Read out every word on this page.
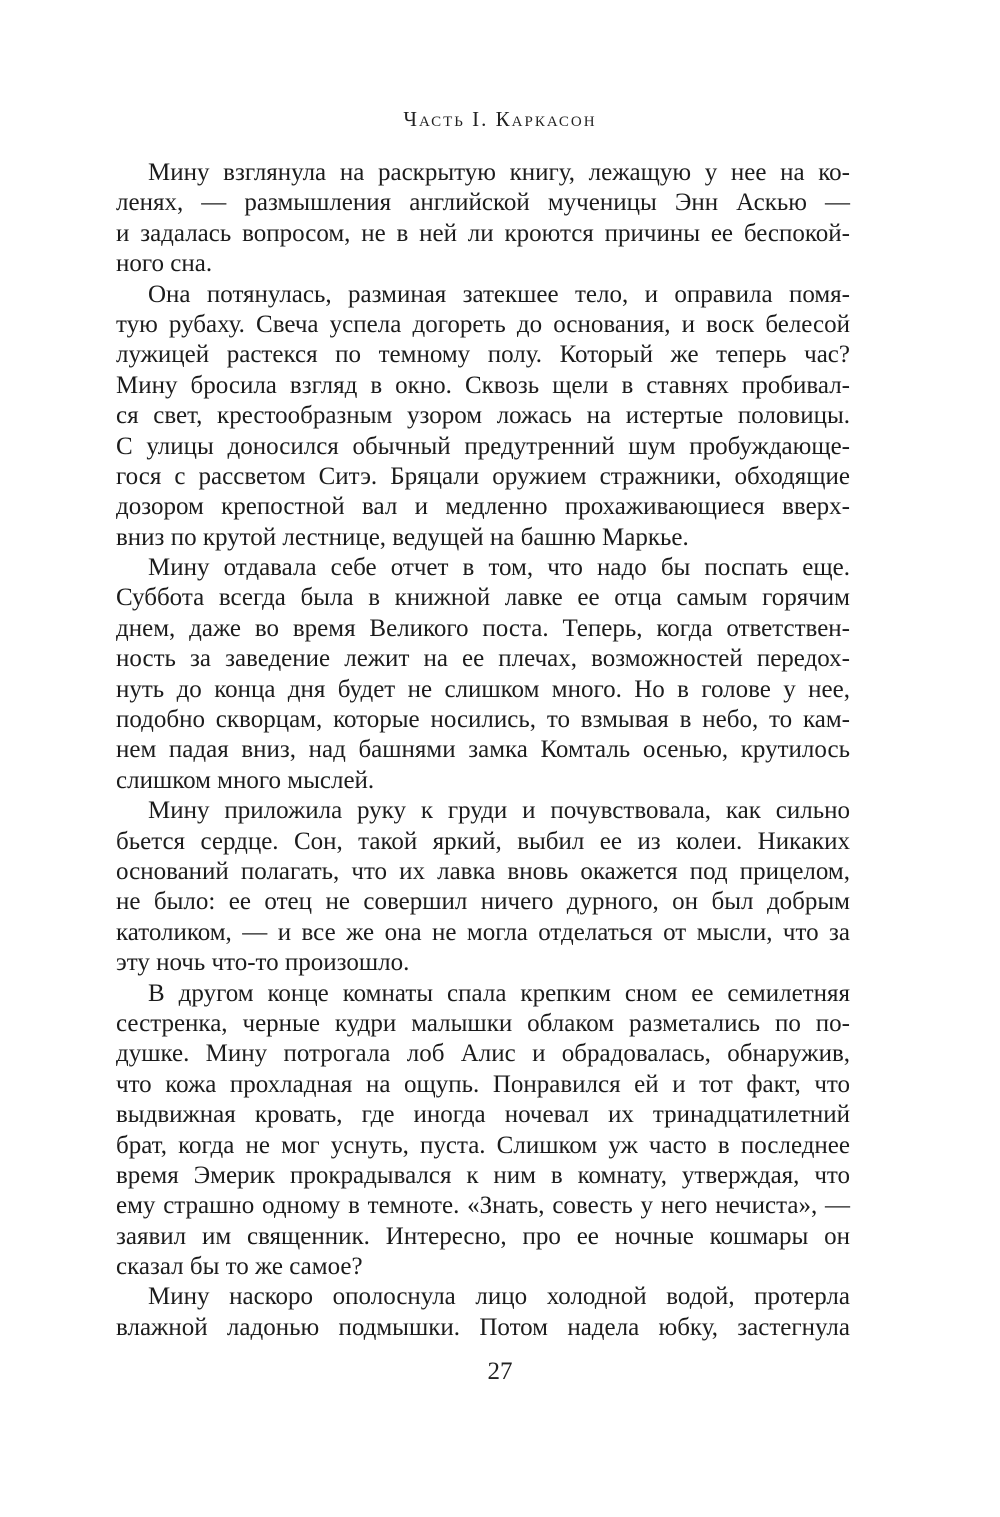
Часть I. Каркасон
Мину взглянула на раскрытую книгу, лежащую у нее на ко-
ленях, — размышления английской мученицы Энн Аскью —
и задалась вопросом, не в ней ли кроются причины ее беспокой-
ного сна.
Она потянулась, разминая затекшее тело, и оправила помя-
тую рубаху. Свеча успела догореть до основания, и воск белесой
лужицей растекся по темному полу. Который же теперь час?
Мину бросила взгляд в окно. Сквозь щели в ставнях пробивал-
ся свет, крестообразным узором ложась на истертые половицы.
С улицы доносился обычный предутренний шум пробуждающе-
гося с рассветом Ситэ. Бряцали оружием стражники, обходящие
дозором крепостной вал и медленно прохаживающиеся вверх-
вниз по крутой лестнице, ведущей на башню Маркье.
Мину отдавала себе отчет в том, что надо бы поспать еще.
Суббота всегда была в книжной лавке ее отца самым горячим
днем, даже во время Великого поста. Теперь, когда ответствен-
ность за заведение лежит на ее плечах, возможностей передох-
нуть до конца дня будет не слишком много. Но в голове у нее,
подобно скворцам, которые носились, то взмывая в небо, то кам-
нем падая вниз, над башнями замка Комталь осенью, крутилось
слишком много мыслей.
Мину приложила руку к груди и почувствовала, как сильно
бьется сердце. Сон, такой яркий, выбил ее из колеи. Никаких
оснований полагать, что их лавка вновь окажется под прицелом,
не было: ее отец не совершил ничего дурного, он был добрым
католиком, — и все же она не могла отделаться от мысли, что за
эту ночь что-то произошло.
В другом конце комнаты спала крепким сном ее семилетняя
сестренка, черные кудри малышки облаком разметались по по-
душке. Мину потрогала лоб Алис и обрадовалась, обнаружив,
что кожа прохладная на ощупь. Понравился ей и тот факт, что
выдвижная кровать, где иногда ночевал их тринадцатилетний
брат, когда не мог уснуть, пуста. Слишком уж часто в последнее
время Эмерик прокрадывался к ним в комнату, утверждая, что
ему страшно одному в темноте. «Знать, совесть у него нечиста», —
заявил им священник. Интересно, про ее ночные кошмары он
сказал бы то же самое?
Мину наскоро ополоснула лицо холодной водой, протерла
влажной ладонью подмышки. Потом надела юбку, застегнула
27
